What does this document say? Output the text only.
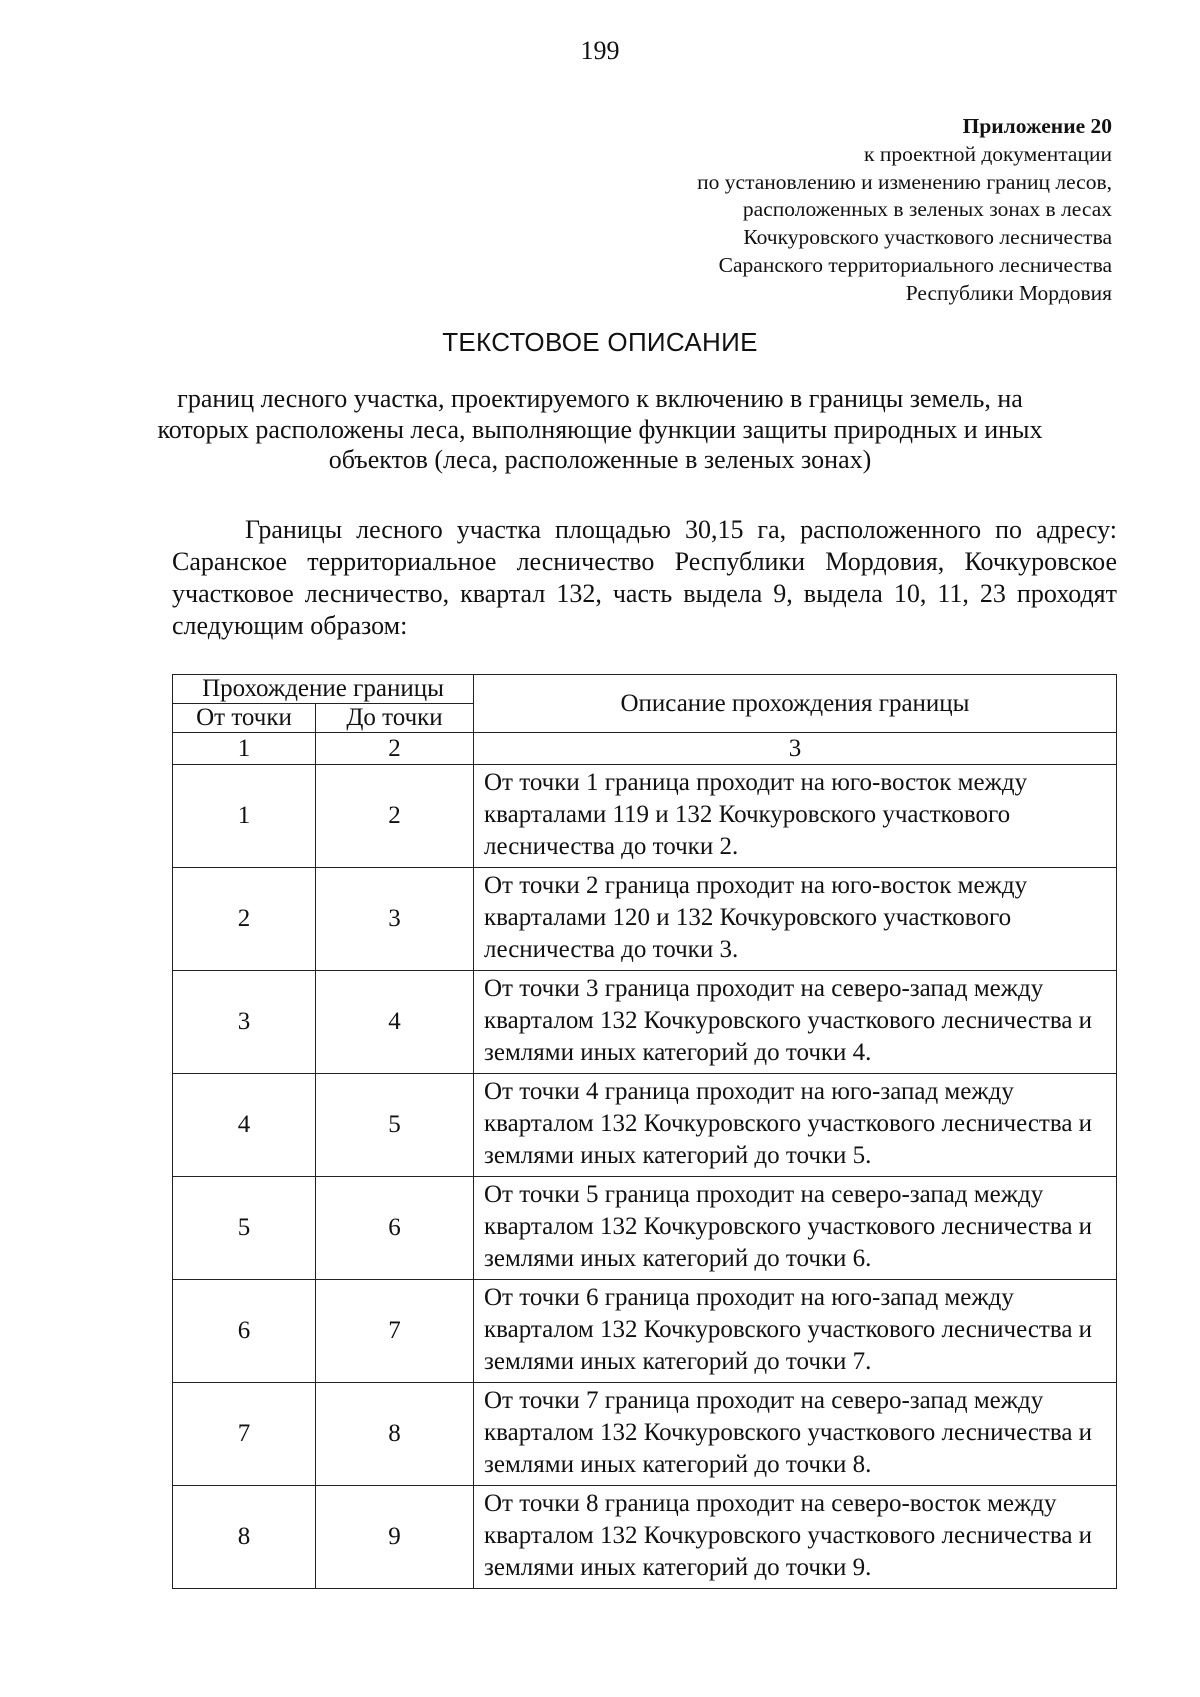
199
Приложение 20
к проектной документации
по установлению и изменению границ лесов,
расположенных в зеленых зонах в лесах
Кочкуровского участкового лесничества
Саранского территориального лесничества
Республики Мордовия
ТЕКСТОВОЕ ОПИСАНИЕ
границ лесного участка, проектируемого к включению в границы земель, на которых расположены леса, выполняющие функции защиты природных и иных объектов (леса, расположенные в зеленых зонах)
Границы лесного участка площадью 30,15 га, расположенного по адресу: Саранское территориальное лесничество Республики Мордовия, Кочкуровское участковое лесничество, квартал 132, часть выдела 9, выдела 10, 11, 23 проходят следующим образом:
Прохождение границы		Описание прохождения границы
От точки	До точки	
1	2	3
1	2	От точки 1 граница проходит на юго-восток между кварталами 119 и 132 Кочкуровского участкового лесничества до точки 2.
2	3	От точки 2 граница проходит на юго-восток между кварталами 120 и 132 Кочкуровского участкового лесничества до точки 3.
3	4	От точки 3 граница проходит на северо-запад между кварталом 132 Кочкуровского участкового лесничества и землями иных категорий до точки 4.
4	5	От точки 4 граница проходит на юго-запад между кварталом 132 Кочкуровского участкового лесничества и землями иных категорий до точки 5.
5	6	От точки 5 граница проходит на северо-запад между кварталом 132 Кочкуровского участкового лесничества и землями иных категорий до точки 6.
6	7	От точки 6 граница проходит на юго-запад между кварталом 132 Кочкуровского участкового лесничества и землями иных категорий до точки 7.
7	8	От точки 7 граница проходит на северо-запад между кварталом 132 Кочкуровского участкового лесничества и землями иных категорий до точки 8.
8	9	От точки 8 граница проходит на северо-восток между кварталом 132 Кочкуровского участкового лесничества и землями иных категорий до точки 9.
